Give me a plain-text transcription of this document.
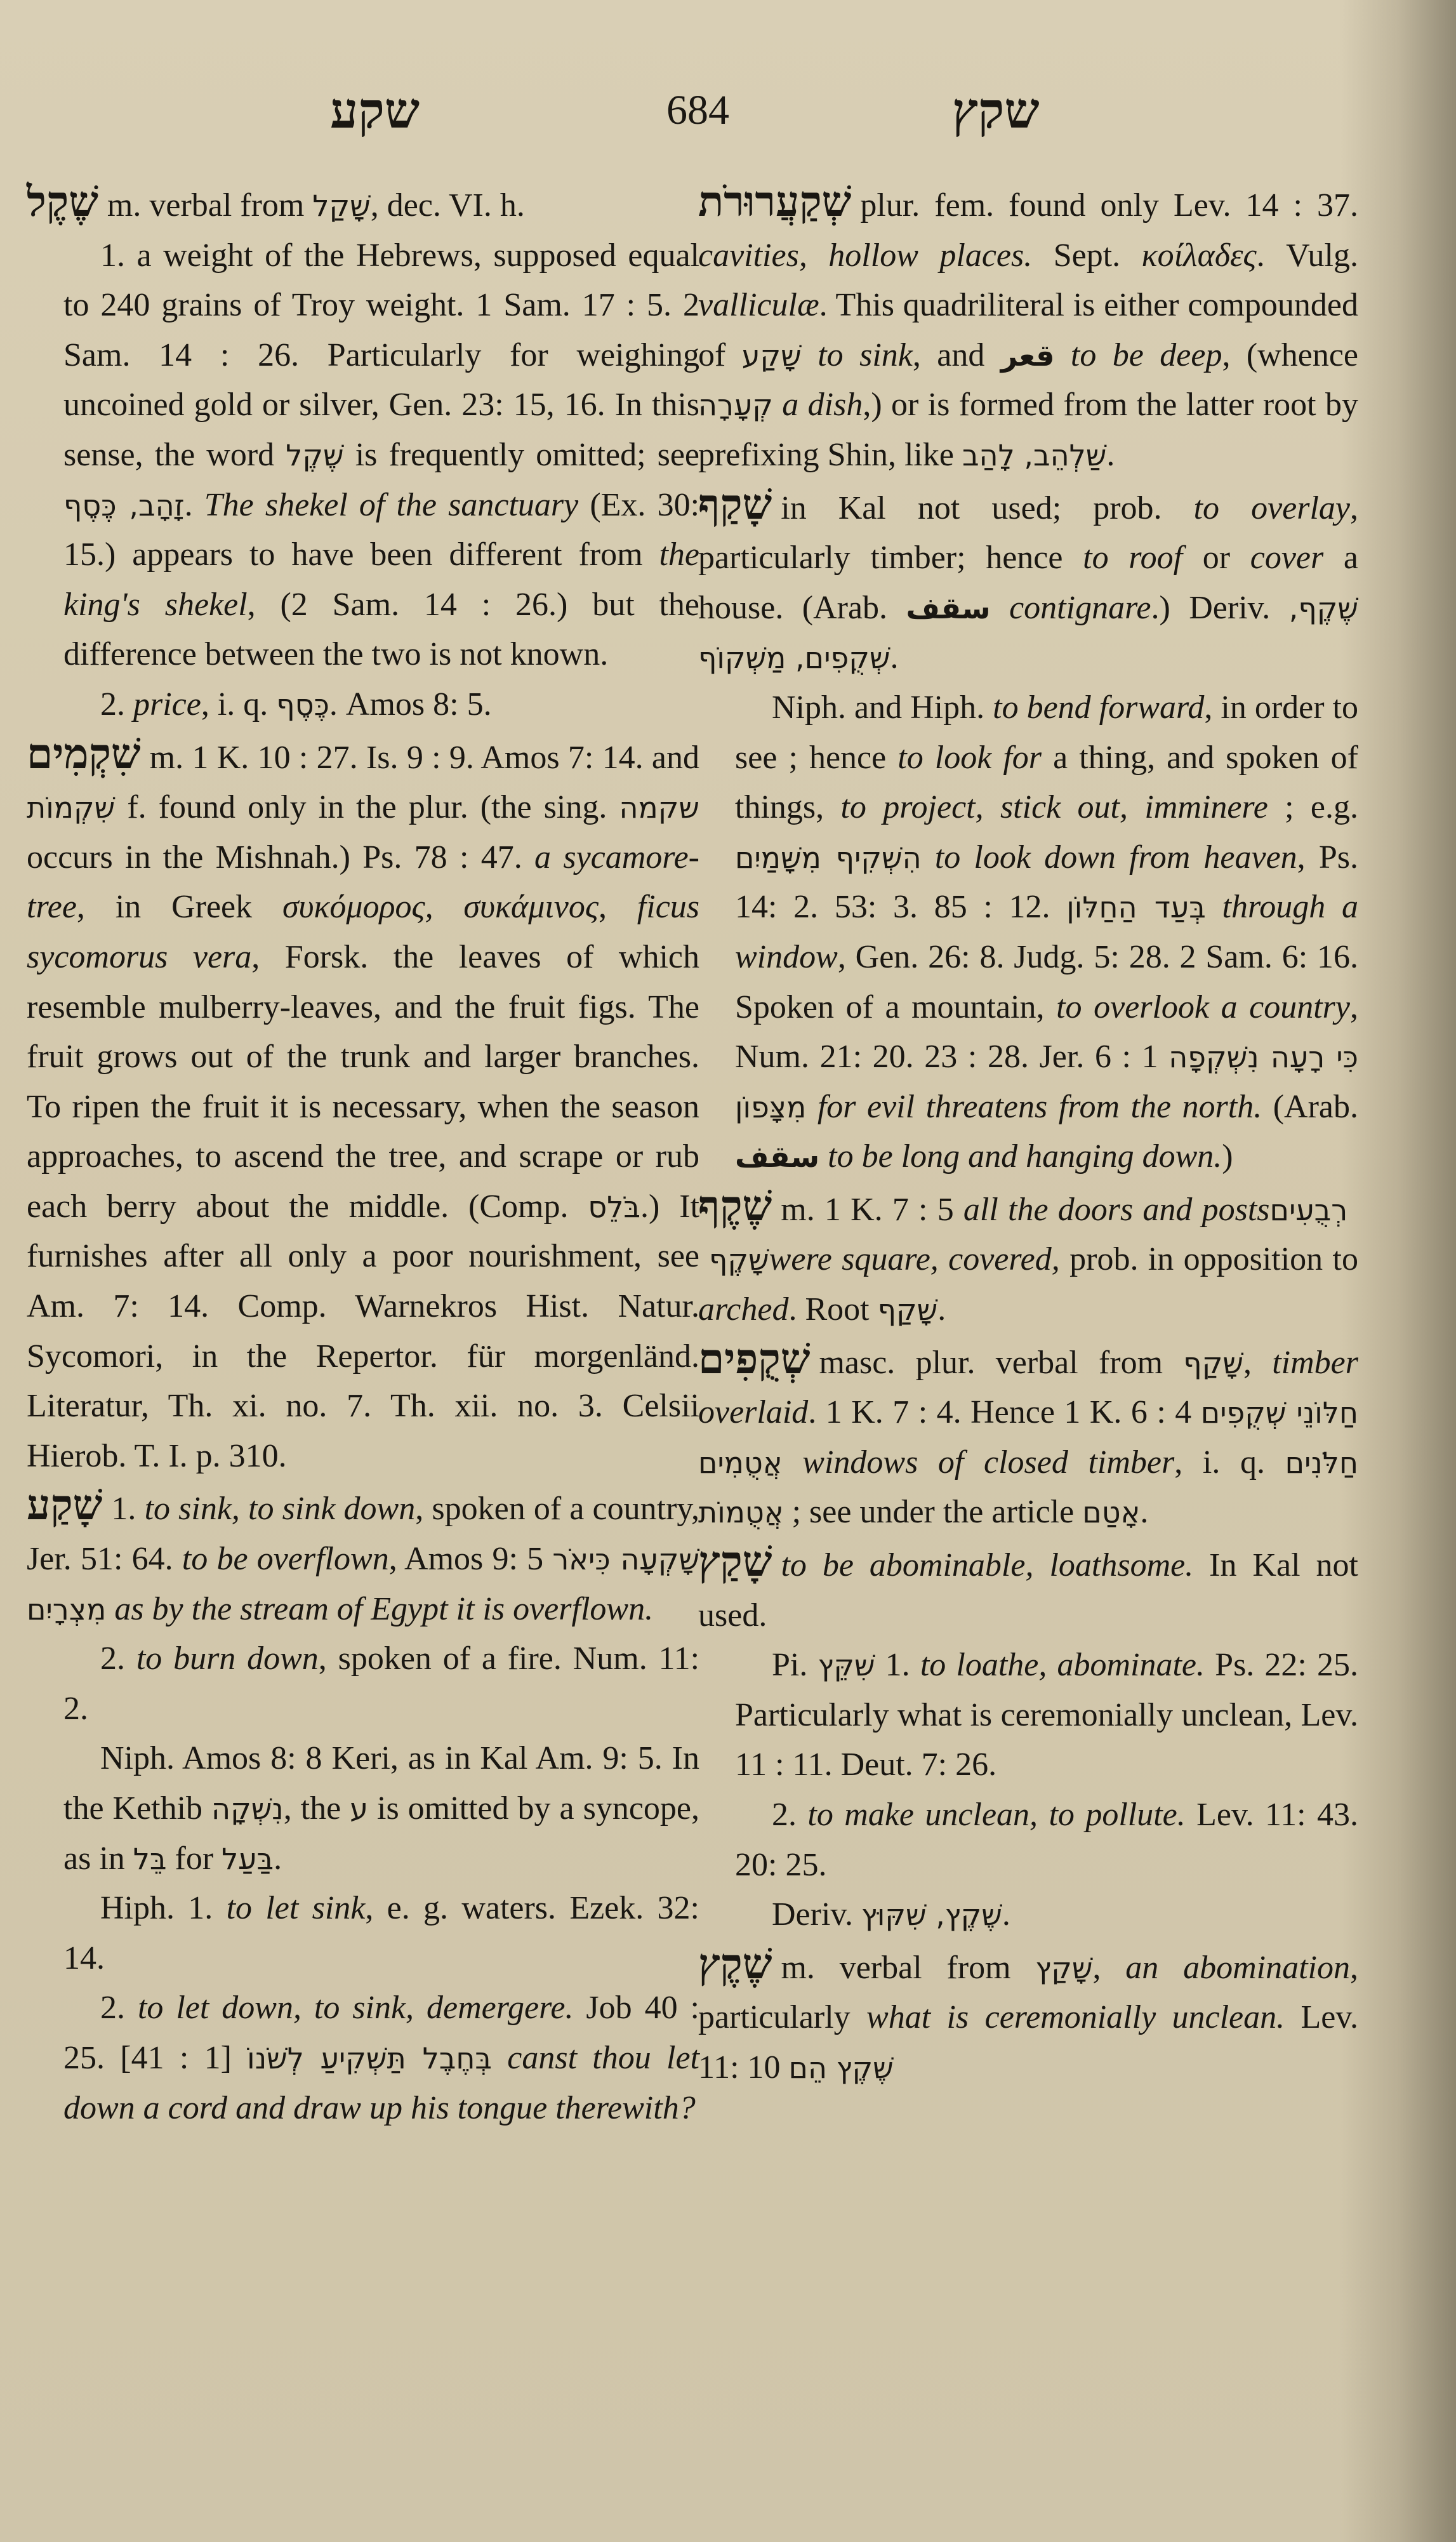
שקע	684	שקץ

שֶׁקֶל m. verbal from שָׁקַל, dec. VI. h.

1. a weight of the Hebrews, supposed equal to 240 grains of Troy weight. 1 Sam. 17 : 5. 2 Sam. 14 : 26. Particularly for weighing uncoined gold or silver, Gen. 23: 15, 16. In this sense, the word שֶׁקֶל is frequently omitted; see זָהָב, כֶּסֶף. The shekel of the sanctuary (Ex. 30: 15.) appears to have been different from the king's shekel, (2 Sam. 14 : 26.) but the difference between the two is not known.

2. price, i. q. כֶּסֶף. Amos 8: 5.

שִׁקְמִים m. 1 K. 10 : 27. Is. 9 : 9. Amos 7: 14. and שִׁקְמוֹת f. found only in the plur. (the sing. שקמה occurs in the Mishnah.) Ps. 78 : 47. a sycamore-tree, in Greek συκόμορος, συκάμινος, ficus sycomorus vera, Forsk. the leaves of which resemble mulberry-leaves, and the fruit figs. The fruit grows out of the trunk and larger branches. To ripen the fruit it is necessary, when the season approaches, to ascend the tree, and scrape or rub each berry about the middle. (Comp. בֹּלֵס.) It furnishes after all only a poor nourishment, see Am. 7: 14. Comp. Warnekros Hist. Natur. Sycomori, in the Repertor. für morgenländ. Literatur, Th. xi. no. 7. Th. xii. no. 3. Celsii Hierob. T. I. p. 310.

שָׁקַע 1. to sink, to sink down, spoken of a country, Jer. 51: 64. to be overflown, Amos 9: 5 שָׁקְעָה כִּיאֹר מִצְרָיִם as by the stream of Egypt it is overflown.

2. to burn down, spoken of a fire. Num. 11: 2.

Niph. Amos 8: 8 Keri, as in Kal Am. 9: 5. In the Kethib נִשְׁקָה, the ע is omitted by a syncope, as in בֵּל for בַּעַל.

Hiph. 1. to let sink, e. g. waters. Ezek. 32: 14.

2. to let down, to sink, demergere. Job 40 : 25. [41 : 1] בְּחֶבֶל תַּשְׁקִיעַ לְשֹׁנוֹ canst thou let down a cord and draw up his tongue therewith?

שְׁקַעֲרוּרֹת plur. fem. found only Lev. 14 : 37. cavities, hollow places. Sept. κοίλαδες. Vulg. valliculæ. This quadriliteral is either compounded of שָׁקַע to sink, and قعر to be deep, (whence קְעָרָה a dish,) or is formed from the latter root by prefixing Shin, like שַׁלְהֵב, לָהַב.

שָׁקַף in Kal not used; prob. to overlay, particularly timber; hence to roof or cover a house. (Arab. سقف contignare.) Deriv. שֶׁקֶף, שְׁקֻפִים, מַשְׁקוֹף.

Niph. and Hiph. to bend forward, in order to see ; hence to look for a thing, and spoken of things, to project, stick out, imminere ; e.g. הִשְׁקִיף מִשָּׁמַיִם to look down from heaven, Ps. 14: 2. 53: 3. 85 : 12. בְּעַד הַחַלּוֹן through a window, Gen. 26: 8. Judg. 5: 28. 2 Sam. 6: 16. Spoken of a mountain, to overlook a country, Num. 21: 20. 23 : 28. Jer. 6 : 1 כִּי רָעָה נִשְׁקְפָה מִצָּפוֹן for evil threatens from the north. (Arab. سقف to be long and hanging down.)

שֶׁקֶף m. 1 K. 7 : 5 all the doors and posts רְבֻעִים שָׁקֶף were square, covered, prob. in opposition to arched. Root שָׁקַף.

שְׁקֻפִים masc. plur. verbal from שָׁקַף, timber overlaid. 1 K. 7 : 4. Hence 1 K. 6 : 4 חַלּוֹנֵי שְׁקֻפִים אֲטֻמִים windows of closed timber, i. q. חַלֹּנִים אֲטֻמוֹת ; see under the article אָטַם.

שָׁקַץ to be abominable, loathsome. In Kal not used.

Pi. שִׁקֵּץ 1. to loathe, abominate. Ps. 22: 25. Particularly what is ceremonially unclean, Lev. 11 : 11. Deut. 7: 26.

2. to make unclean, to pollute. Lev. 11: 43. 20: 25.

Deriv. שֶׁקֶץ, שִׁקּוּץ.

שֶׁקֶץ m. verbal from שָׁקַץ, an abomination, particularly what is ceremonially unclean. Lev. 11: 10 שֶׁקֶץ הֵם
